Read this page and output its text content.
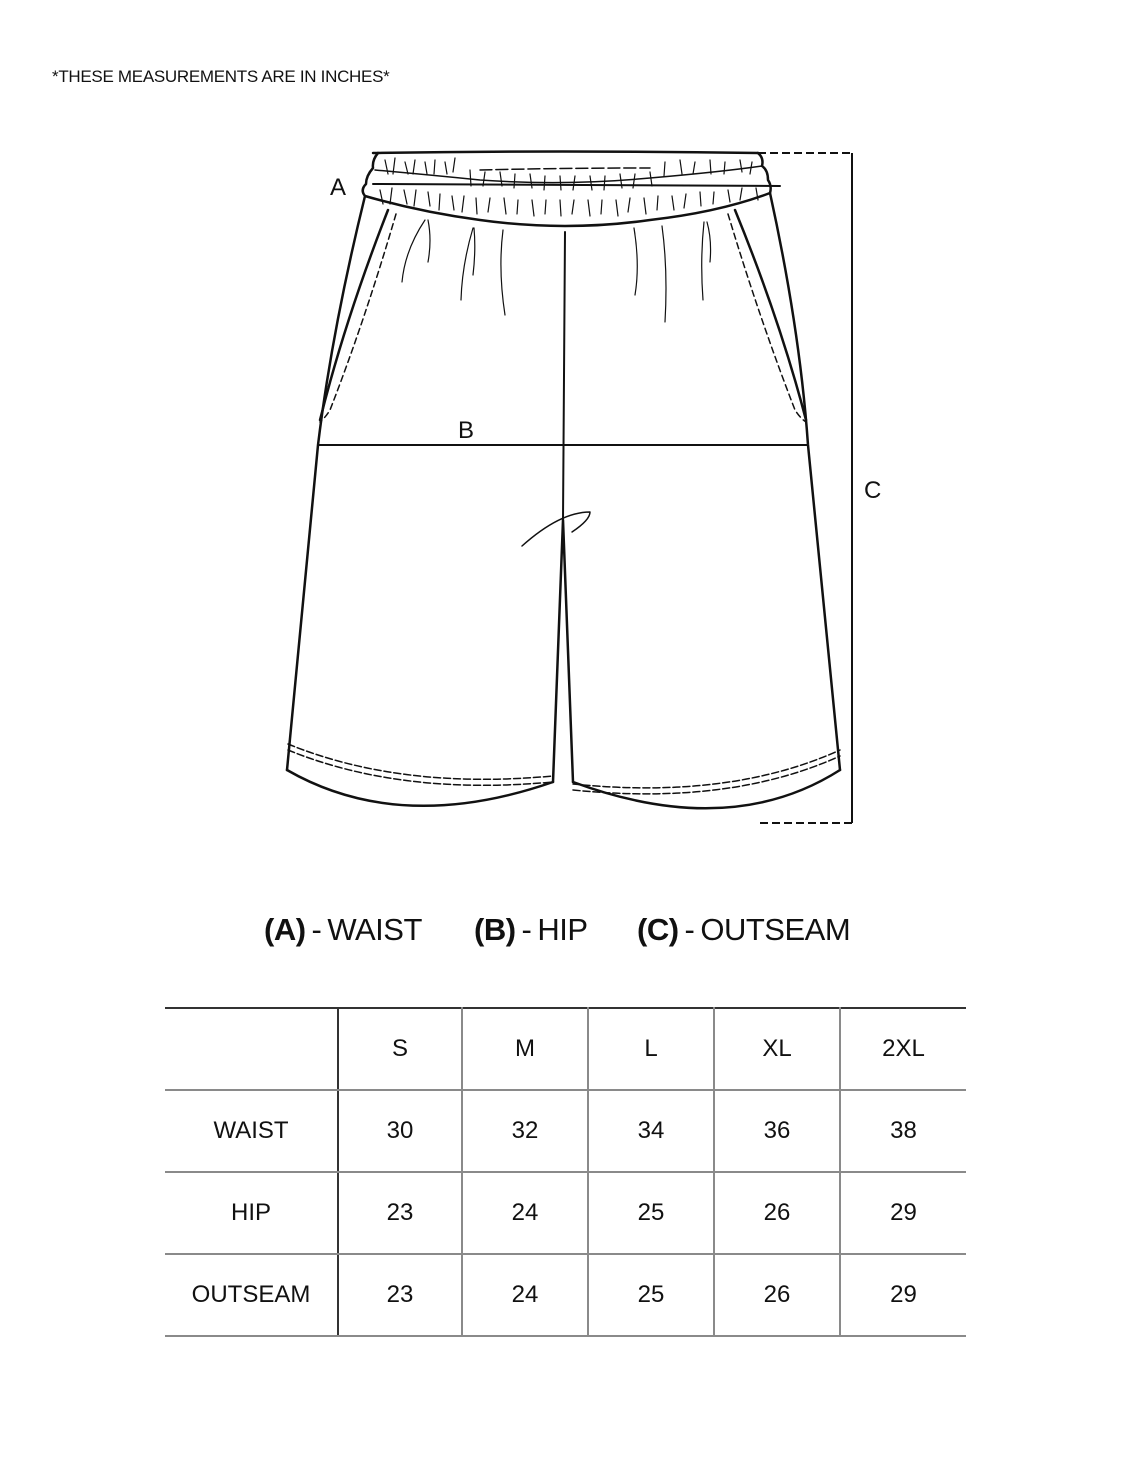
*THESE MEASUREMENTS ARE IN INCHES*
A
B
C
(A) - WAIST (B) - HIP (C) - OUTSEAM
	S	M	L	XL	2XL
WAIST	30	32	34	36	38
HIP	23	24	25	26	29
OUTSEAM	23	24	25	26	29
